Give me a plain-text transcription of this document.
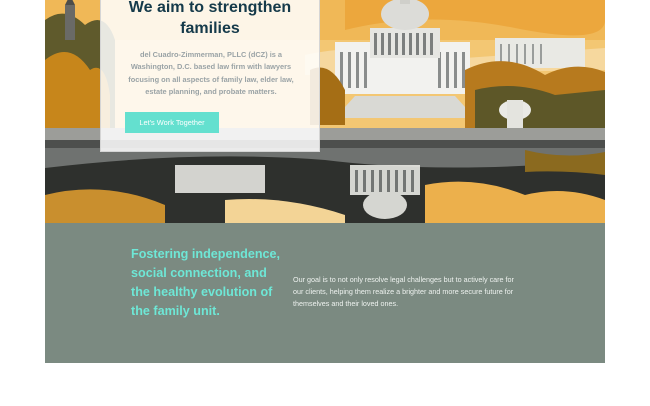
We aim to strengthen families

del Cuadro-Zimmerman, PLLC (dCZ) is a Washington, D.C. based law firm with lawyers focusing on all aspects of family law, elder law, estate planning, and probate matters.

Let's Work Together
Fostering independence, social connection, and the healthy evolution of the family unit.

Our goal is to not only resolve legal challenges but to actively care for our clients, helping them realize a brighter and more secure future for themselves and their loved ones.
